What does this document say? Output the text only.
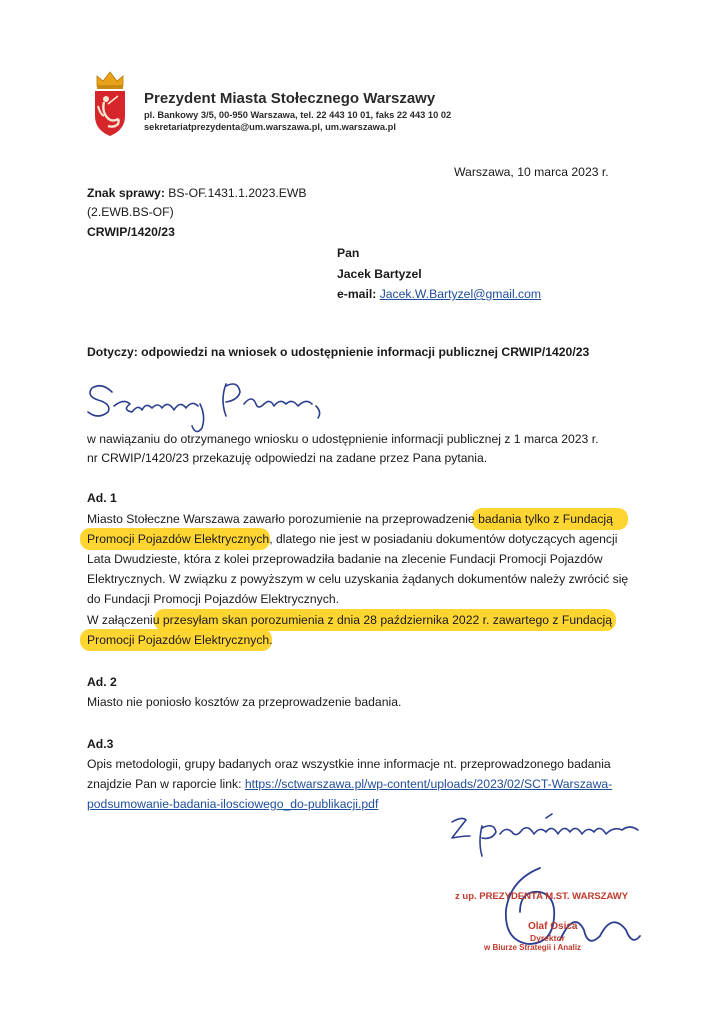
Prezydent Miasta Stołecznego Warszawy
pl. Bankowy 3/5, 00-950 Warszawa, tel. 22 443 10 01, faks 22 443 10 02
sekretariatprezydenta@um.warszawa.pl, um.warszawa.pl
Warszawa, 10 marca 2023 r.
Znak sprawy: BS-OF.1431.1.2023.EWB
(2.EWB.BS-OF)
CRWIP/1420/23
Pan
Jacek Bartyzel
e-mail: Jacek.W.Bartyzel@gmail.com
Dotyczy: odpowiedzi na wniosek o udostępnienie informacji publicznej CRWIP/1420/23
w nawiązaniu do otrzymanego wniosku o udostępnienie informacji publicznej z 1 marca 2023 r.
nr CRWIP/1420/23 przekazuję odpowiedzi na zadane przez Pana pytania.
Ad. 1
Miasto Stołeczne Warszawa zawarło porozumienie na przeprowadzenie badania tylko z Fundacją
Promocji Pojazdów Elektrycznych, dlatego nie jest w posiadaniu dokumentów dotyczących agencji
Lata Dwudzieste, która z kolei przeprowadziła badanie na zlecenie Fundacji Promocji Pojazdów
Elektrycznych. W związku z powyższym w celu uzyskania żądanych dokumentów należy zwrócić się
do Fundacji Promocji Pojazdów Elektrycznych.
W załączeniu przesyłam skan porozumienia z dnia 28 października 2022 r. zawartego z Fundacją
Promocji Pojazdów Elektrycznych.
Ad. 2
Miasto nie poniosło kosztów za przeprowadzenie badania.
Ad.3
Opis metodologii, grupy badanych oraz wszystkie inne informacje nt. przeprowadzonego badania
znajdzie Pan w raporcie link: https://sctwarszawa.pl/wp-content/uploads/2023/02/SCT-Warszawa-
podsumowanie-badania-ilosciowego_do-publikacji.pdf
z up. PREZYDENTA M.ST. WARSZAWY
Olaf Osica
Dyrektor
w Biurze Strategii i Analiz
